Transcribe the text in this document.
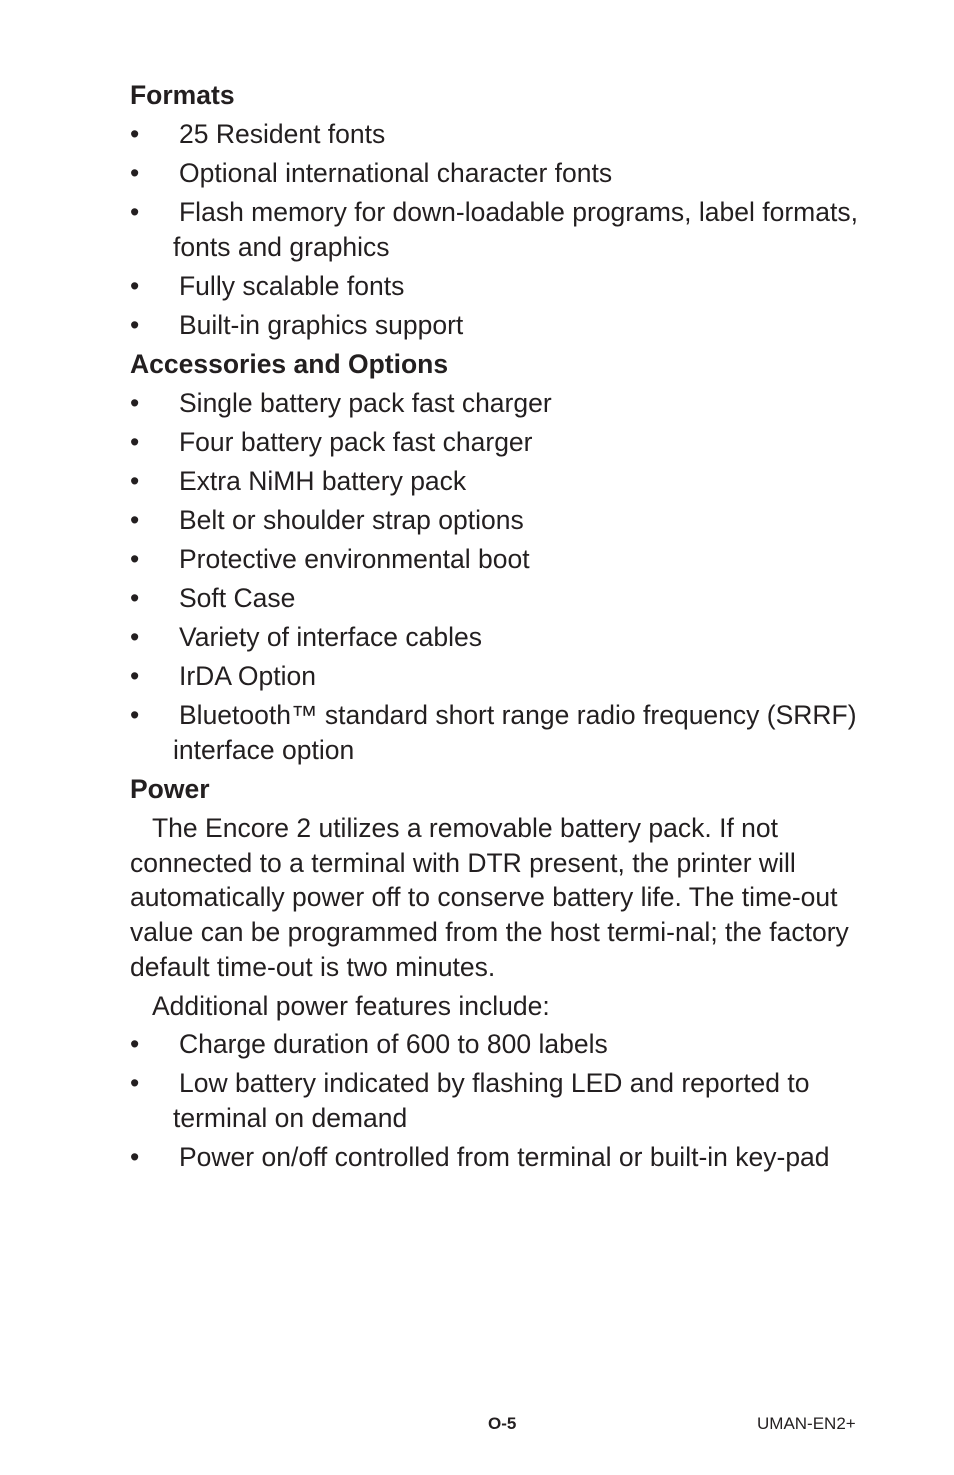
Formats
•	25 Resident fonts
•	Optional international character fonts
•	Flash memory for down-loadable programs, label formats, fonts and graphics
•	Fully scalable fonts
•	Built-in graphics support
Accessories and Options
•	Single battery pack fast charger
•	Four battery pack fast charger
•	Extra NiMH battery pack
•	Belt or shoulder strap options
•	Protective environmental boot
•	Soft Case
•	Variety of interface cables
•	IrDA Option
•	Bluetooth™ standard short range radio frequency (SRRF) interface option
Power

The Encore 2 utilizes a removable battery pack. If not connected to a terminal with DTR present, the printer will automatically power off to conserve battery life. The time-out value can be programmed from the host termi-nal; the factory default time-out is two minutes.

Additional power features include:

•	Charge duration of 600 to 800 labels
•	Low battery indicated by flashing LED and reported to terminal on demand
•	Power on/off controlled from terminal or built-in key-pad
O-5	UMAN-EN2+
